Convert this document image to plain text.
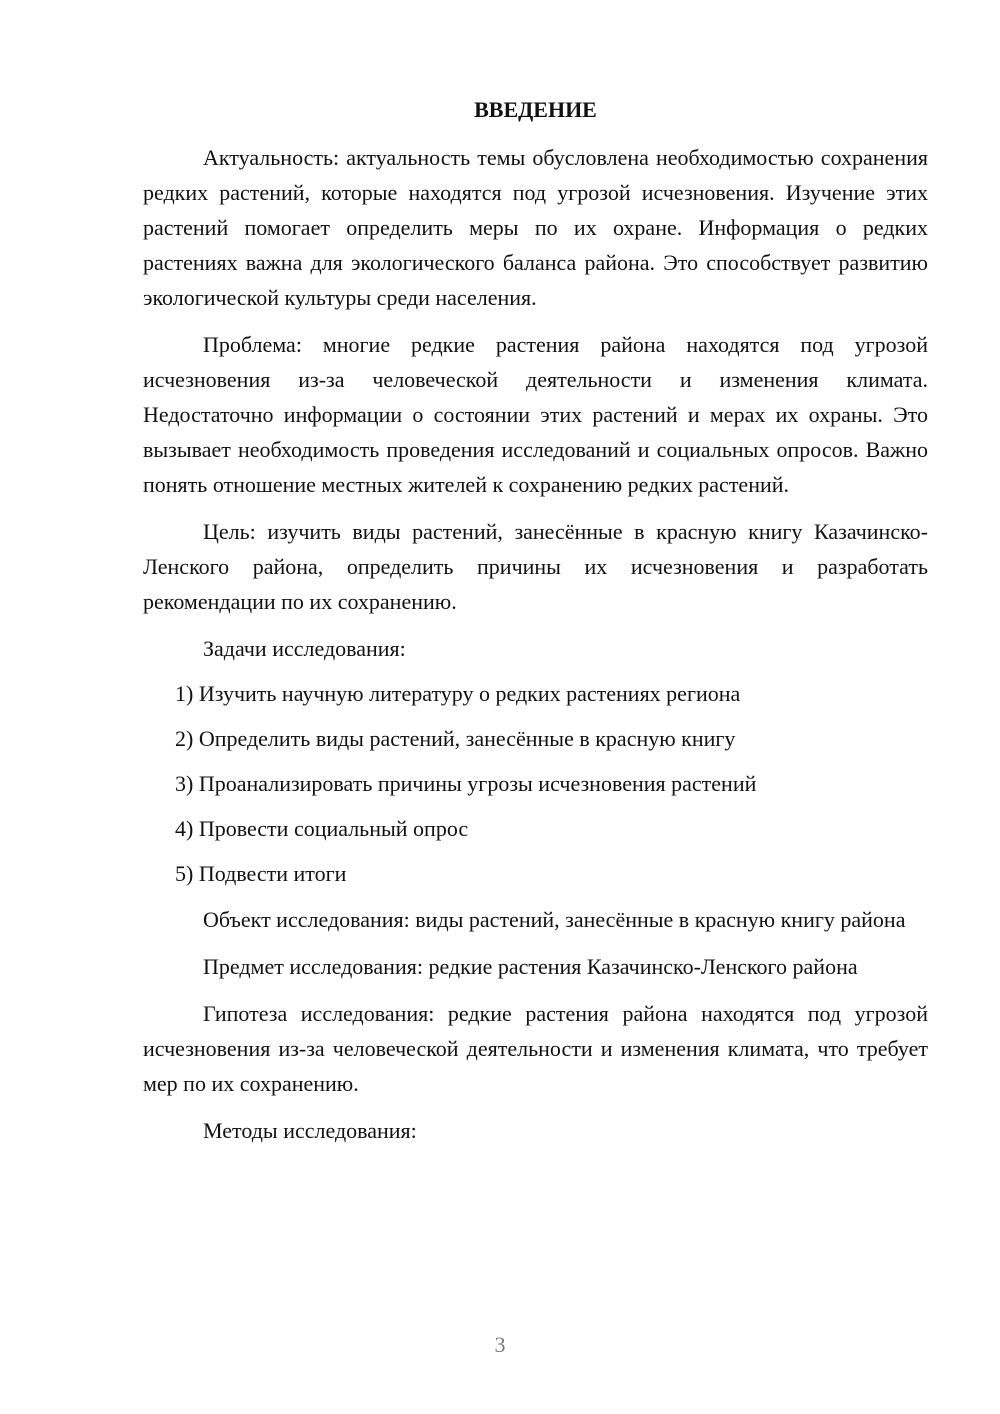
ВВЕДЕНИЕ

Актуальность: актуальность темы обусловлена необходимостью сохранения редких растений, которые находятся под угрозой исчезновения. Изучение этих растений помогает определить меры по их охране. Информация о редких растениях важна для экологического баланса района. Это способствует развитию экологической культуры среди населения.

Проблема: многие редкие растения района находятся под угрозой исчезновения из-за человеческой деятельности и изменения климата. Недостаточно информации о состоянии этих растений и мерах их охраны. Это вызывает необходимость проведения исследований и социальных опросов. Важно понять отношение местных жителей к сохранению редких растений.

Цель: изучить виды растений, занесённые в красную книгу Казачинско-Ленского района, определить причины их исчезновения и разработать рекомендации по их сохранению.

Задачи исследования:

1) Изучить научную литературу о редких растениях региона
2) Определить виды растений, занесённые в красную книгу
3) Проанализировать причины угрозы исчезновения растений
4) Провести социальный опрос
5) Подвести итоги

Объект исследования: виды растений, занесённые в красную книгу района

Предмет исследования: редкие растения Казачинско-Ленского района

Гипотеза исследования: редкие растения района находятся под угрозой исчезновения из-за человеческой деятельности и изменения климата, что требует мер по их сохранению.

Методы исследования:

3
